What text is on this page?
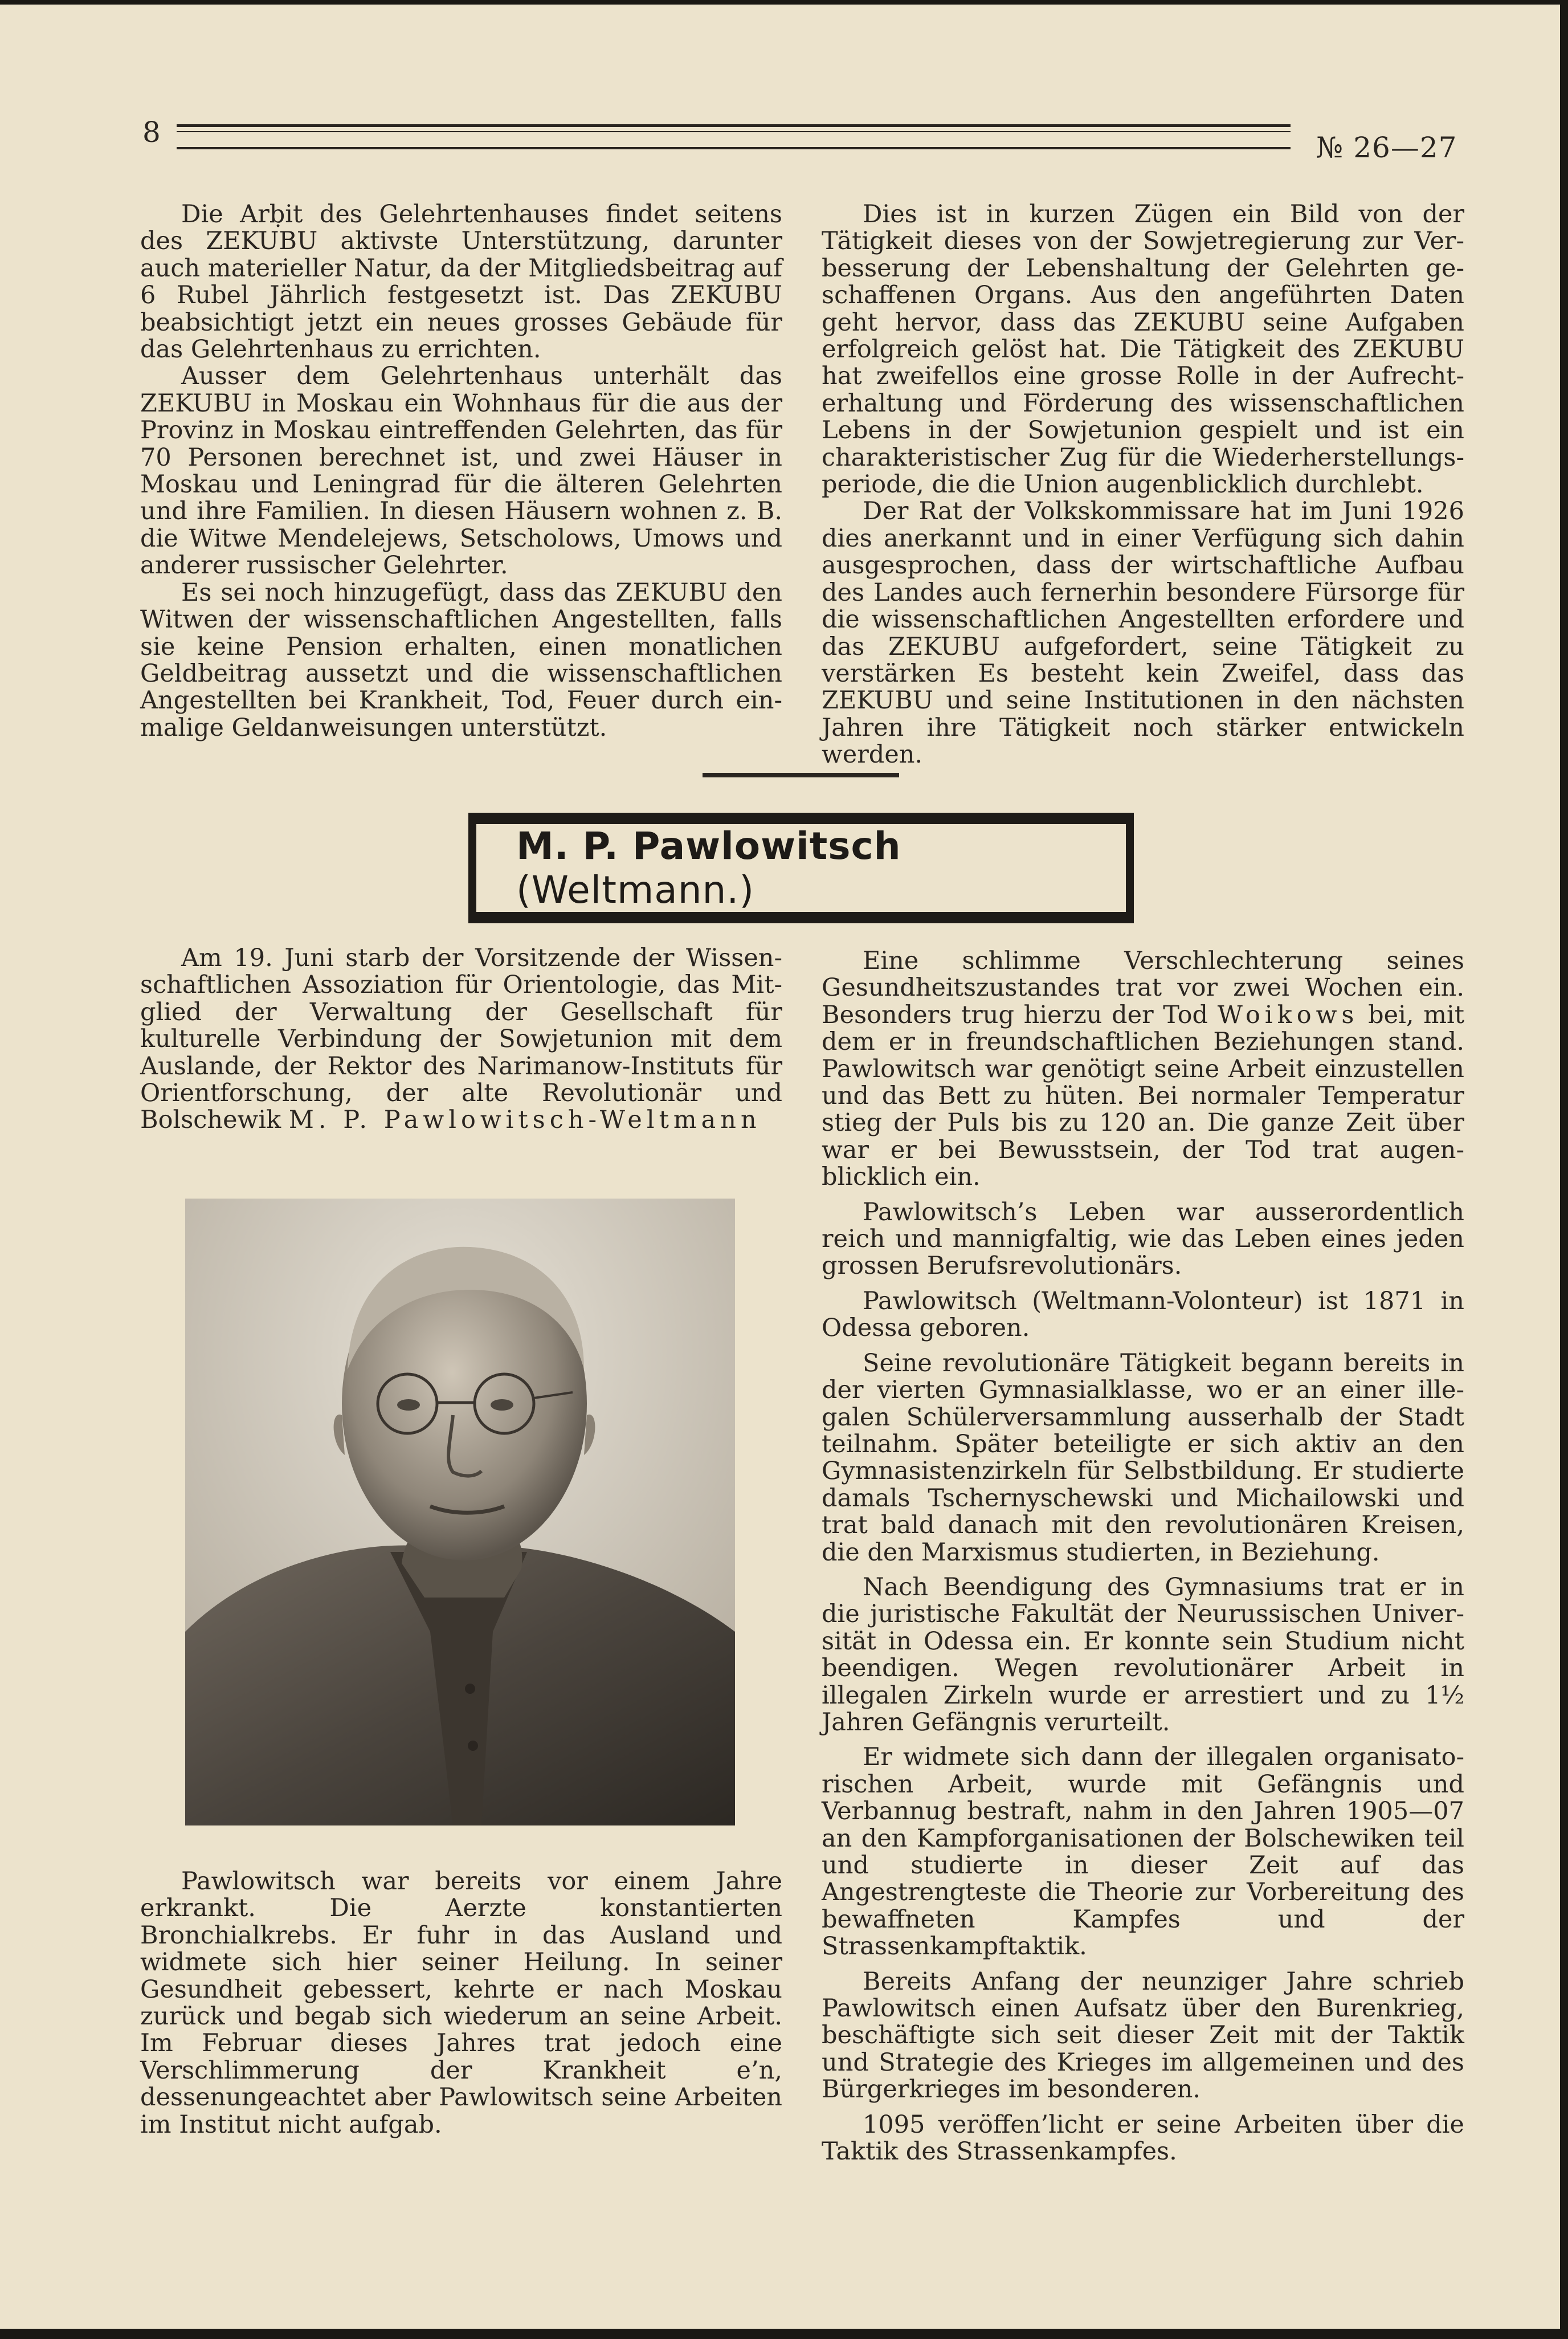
8	№ 26—27

Die Arḅit des Gelehrtenhauses findet seitens des ZEKUBU aktivste Unterstützung, darunter auch materieller Natur, da der Mitgliedsbeitrag auf 6 Rubel Jährlich festgesetzt ist. Das ZEKUBU beabsichtigt jetzt ein neues grosses Gebäude für das Gelehrtenhaus zu errichten.

Ausser dem Gelehrtenhaus unterhält das ZEKUBU in Moskau ein Wohnhaus für die aus der Provinz in Moskau eintreffenden Gelehrten, das für 70 Personen berechnet ist, und zwei Häuser in Moskau und Leningrad für die älteren Gelehrten und ihre Familien. In diesen Häusern wohnen z. B. die Witwe Mendelejews, Setscholows, Umows und anderer russischer Gelehrter.

Es sei noch hinzugefügt, dass das ZEKUBU den Witwen der wissenschaftlichen Angestellten, falls sie keine Pension erhalten, einen monatlichen Geldbeitrag aussetzt und die wissenschaftlichen Angestellten bei Krankheit, Tod, Feuer durch einmalige Geldanweisungen unterstützt.

Dies ist in kurzen Zügen ein Bild von der Tätigkeit dieses von der Sowjetregierung zur Verbesserung der Lebenshaltung der Gelehrten geschaffenen Organs. Aus den angeführten Daten geht hervor, dass das ZEKUBU seine Aufgaben erfolgreich gelöst hat. Die Tätigkeit des ZEKUBU hat zweifellos eine grosse Rolle in der Aufrechterhaltung und Förderung des wissenschaftlichen Lebens in der Sowjetunion gespielt und ist ein charakteristischer Zug für die Wiederherstellungsperiode, die die Union augenblicklich durchlebt.

Der Rat der Volkskommissare hat im Juni 1926 dies anerkannt und in einer Verfügung sich dahin ausgesprochen, dass der wirtschaftliche Aufbau des Landes auch fernerhin besondere Fürsorge für die wissenschaftlichen Angestellten erfordere und das ZEKUBU aufgefordert, seine Tätigkeit zu verstärken Es besteht kein Zweifel, dass das ZEKUBU und seine Institutionen in den nächsten Jahren ihre Tätigkeit noch stärker entwickeln werden.

M. P. Pawlowitsch (Weltmann.)

Am 19. Juni starb der Vorsitzende der Wissenschaftlichen Assoziation für Orientologie, das Mitglied der Verwaltung der Gesellschaft für kulturelle Verbindung der Sowjetunion mit dem Auslande, der Rektor des Narimanow-Instituts für Orientforschung, der alte Revolutionär und Bolschewik M. P. Pawlowitsch-Weltmann

Pawlowitsch war bereits vor einem Jahre erkrankt. Die Aerzte konstantierten Bronchialkrebs. Er fuhr in das Ausland und widmete sich hier seiner Heilung. In seiner Gesundheit gebessert, kehrte er nach Moskau zurück und begab sich wiederum an seine Arbeit. Im Februar dieses Jahres trat jedoch eine Verschlimmerung der Krankheit e’n, dessenungeachtet aber Pawlowitsch seine Arbeiten im Institut nicht aufgab.

Eine schlimme Verschlechterung seines Gesundheitszustandes trat vor zwei Wochen ein. Besonders trug hierzu der Tod Woikows bei, mit dem er in freundschaftlichen Beziehungen stand. Pawlowitsch war genötigt seine Arbeit einzustellen und das Bett zu hüten. Bei normaler Temperatur stieg der Puls bis zu 120 an. Die ganze Zeit über war er bei Bewusstsein, der Tod trat augenblicklich ein.

Pawlowitsch’s Leben war ausserordentlich reich und mannigfaltig, wie das Leben eines jeden grossen Berufsrevolutionärs.

Pawlowitsch (Weltmann-Volonteur) ist 1871 in Odessa geboren.

Seine revolutionäre Tätigkeit begann bereits in der vierten Gymnasialklasse, wo er an einer illegalen Schülerversammlung ausserhalb der Stadt teilnahm. Später beteiligte er sich aktiv an den Gymnasistenzirkeln für Selbstbildung. Er studierte damals Tschernyschewski und Michailowski und trat bald danach mit den revolutionären Kreisen, die den Marxismus studierten, in Beziehung.

Nach Beendigung des Gymnasiums trat er in die juristische Fakultät der Neurussischen Universität in Odessa ein. Er konnte sein Studium nicht beendigen. Wegen revolutionärer Arbeit in illegalen Zirkeln wurde er arrestiert und zu 1½ Jahren Gefängnis verurteilt.

Er widmete sich dann der illegalen organisatorischen Arbeit, wurde mit Gefängnis und Verbannug bestraft, nahm in den Jahren 1905—07 an den Kampforganisationen der Bolschewiken teil und studierte in dieser Zeit auf das Angestrengteste die Theorie zur Vorbereitung des bewaffneten Kampfes und der Strassenkampftaktik.

Bereits Anfang der neunziger Jahre schrieb Pawlowitsch einen Aufsatz über den Burenkrieg, beschäftigte sich seit dieser Zeit mit der Taktik und Strategie des Krieges im allgemeinen und des Bürgerkrieges im besonderen.

1095 veröffen’licht er seine Arbeiten über die Taktik des Strassenkampfes.
